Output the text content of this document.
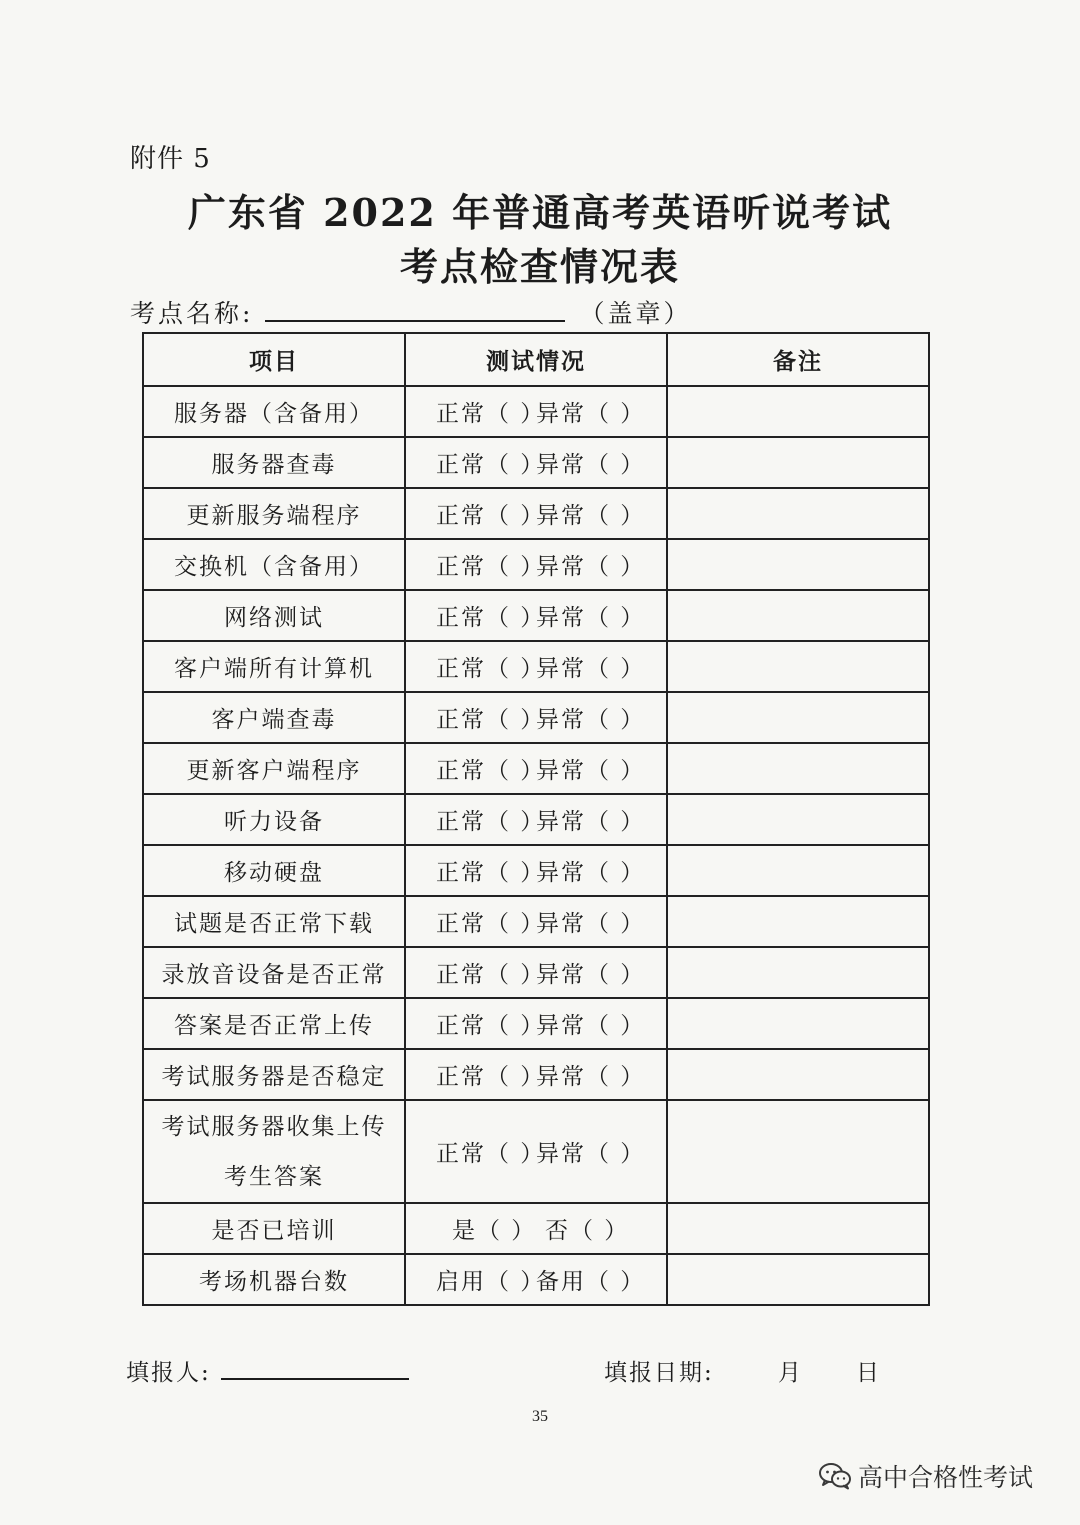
附件 5
广东省 2022 年普通高考英语听说考试
考点检查情况表
考点名称:	（盖章）
项目	测试情况	备注
服务器（含备用）	正常（ ）异常（ ）	
服务器查毒	正常（ ）异常（ ）	
更新服务端程序	正常（ ）异常（ ）	
交换机（含备用）	正常（ ）异常（ ）	
网络测试	正常（ ）异常（ ）	
客户端所有计算机	正常（ ）异常（ ）	
客户端查毒	正常（ ）异常（ ）	
更新客户端程序	正常（ ）异常（ ）	
听力设备	正常（ ）异常（ ）	
移动硬盘	正常（ ）异常（ ）	
试题是否正常下载	正常（ ）异常（ ）	
录放音设备是否正常	正常（ ）异常（ ）	
答案是否正常上传	正常（ ）异常（ ）	
考试服务器是否稳定	正常（ ）异常（ ）	

考试服务器收集上传
考生答案	正常（ ）异常（ ）	
是否已培训	是（ ） 否（ ）	
考场机器台数	启用（ ）备用（ ）	
填报人:	填报日期:	月 日
35
高中合格性考试
